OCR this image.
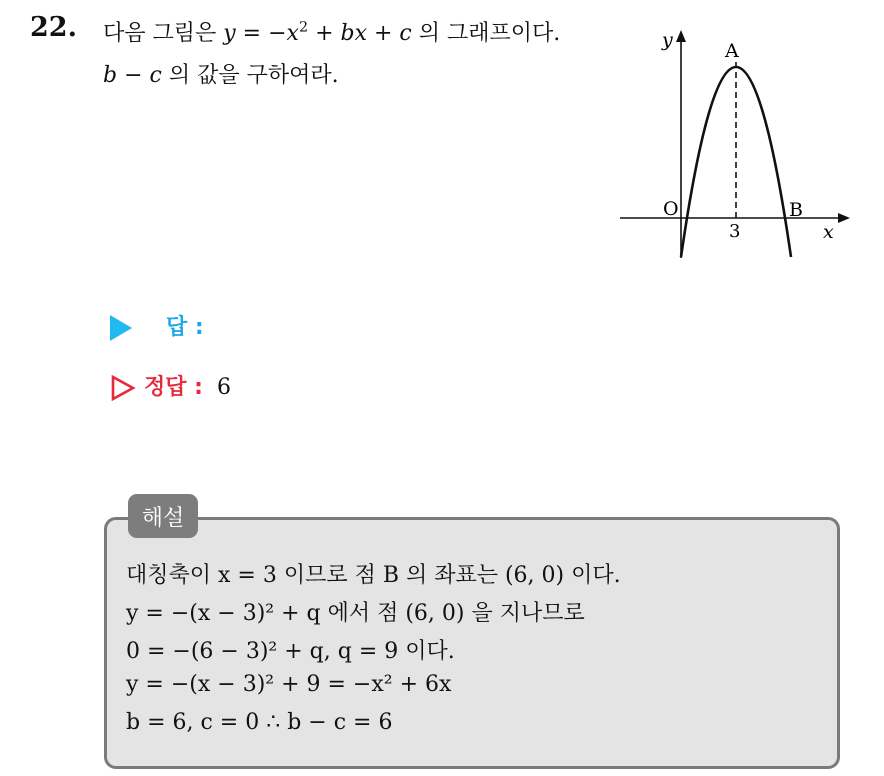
22. 다음 그림은 $y = -x^2$ + bx + c 의 그래프이다.
b − c 의 값을 구하여라.
y
x
O
A
B
3
답 :
정답 : 6
해설
대칭축이 x = 3 이므로 점 B 의 좌표는 (6, 0) 이다.
y = −(x − 3)² + q 에서 점 (6, 0) 을 지나므로
0 = −(6 − 3)² + q, q = 9 이다.
y = −(x − 3)² + 9 = −x² + 6x
b = 6, c = 0 ∴ b − c = 6
